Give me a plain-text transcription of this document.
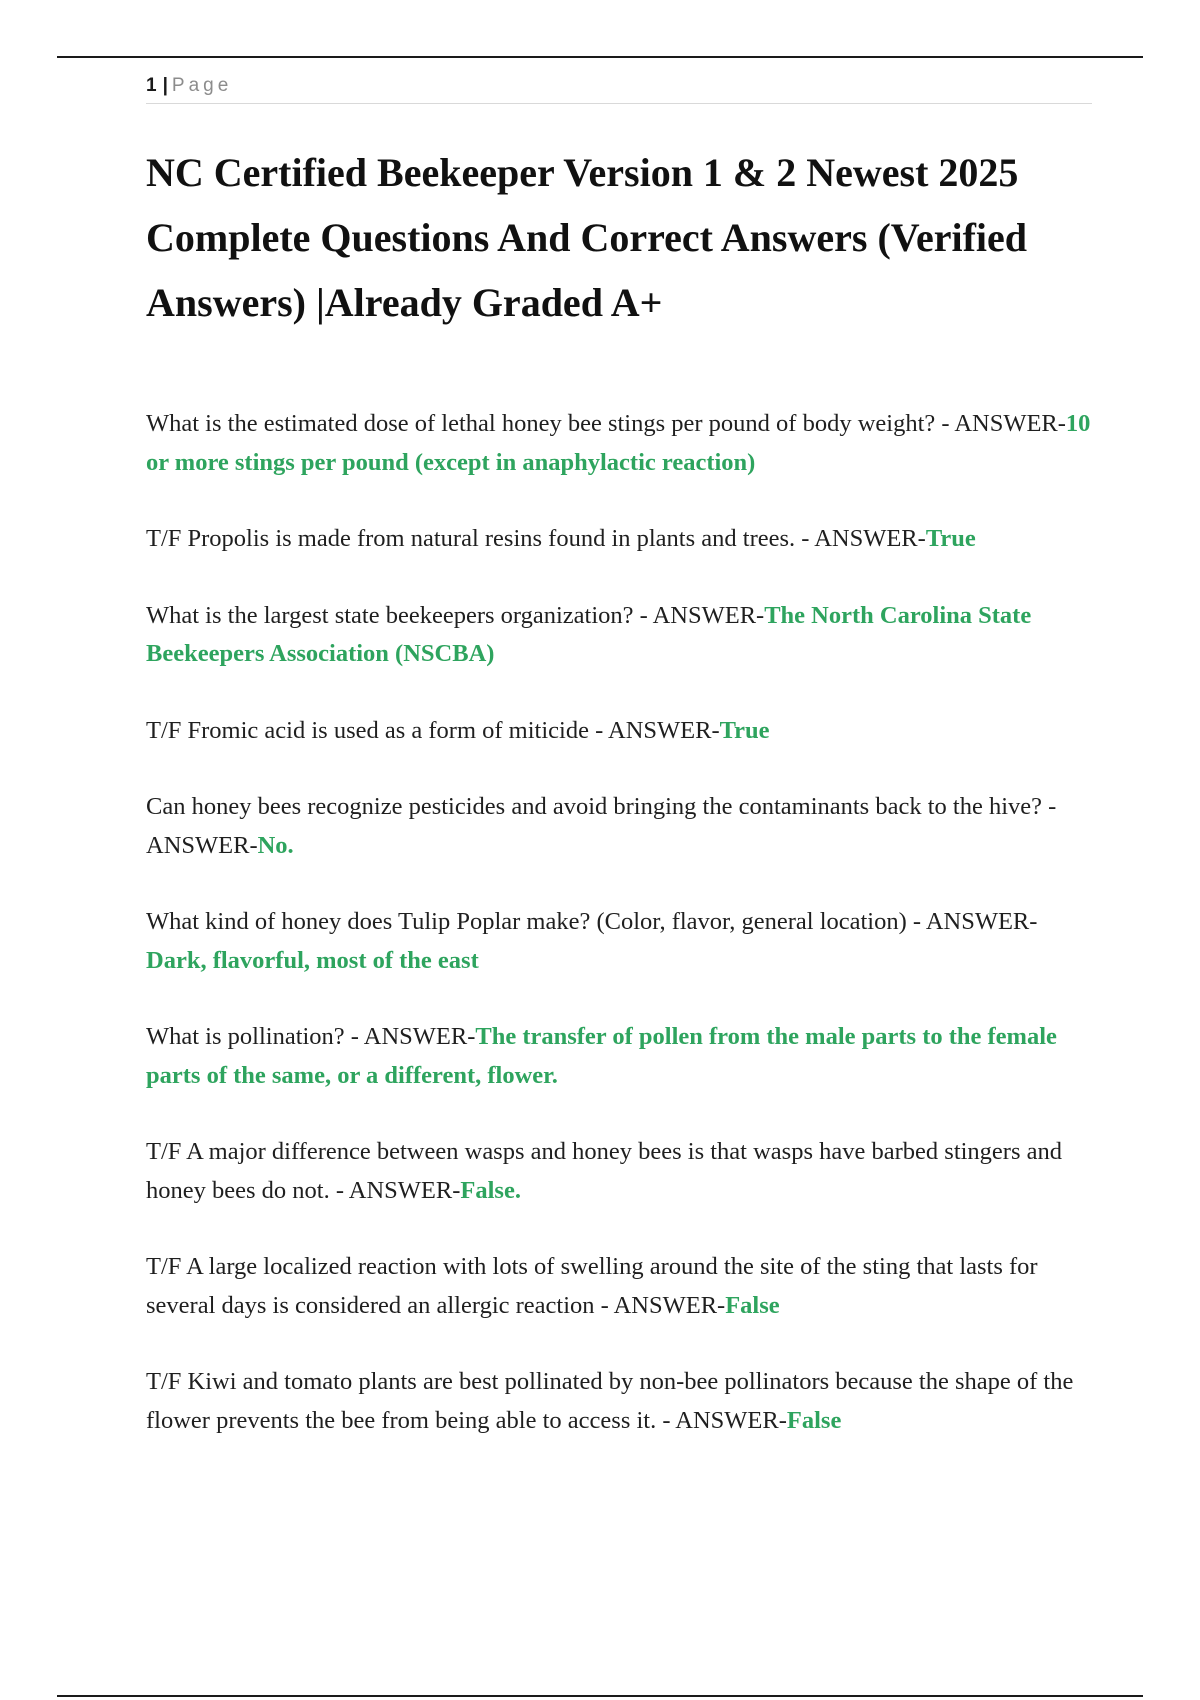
1 | Page
NC Certified Beekeeper Version 1 & 2 Newest 2025 Complete Questions And Correct Answers (Verified Answers) |Already Graded A+
What is the estimated dose of lethal honey bee stings per pound of body weight? - ANSWER-10 or more stings per pound (except in anaphylactic reaction)
T/F Propolis is made from natural resins found in plants and trees. - ANSWER-True
What is the largest state beekeepers organization? - ANSWER-The North Carolina State Beekeepers Association (NSCBA)
T/F Fromic acid is used as a form of miticide - ANSWER-True
Can honey bees recognize pesticides and avoid bringing the contaminants back to the hive? - ANSWER-No.
What kind of honey does Tulip Poplar make? (Color, flavor, general location) - ANSWER-Dark, flavorful, most of the east
What is pollination? - ANSWER-The transfer of pollen from the male parts to the female parts of the same, or a different, flower.
T/F A major difference between wasps and honey bees is that wasps have barbed stingers and honey bees do not. - ANSWER-False.
T/F A large localized reaction with lots of swelling around the site of the sting that lasts for several days is considered an allergic reaction - ANSWER-False
T/F Kiwi and tomato plants are best pollinated by non-bee pollinators because the shape of the flower prevents the bee from being able to access it. - ANSWER-False
